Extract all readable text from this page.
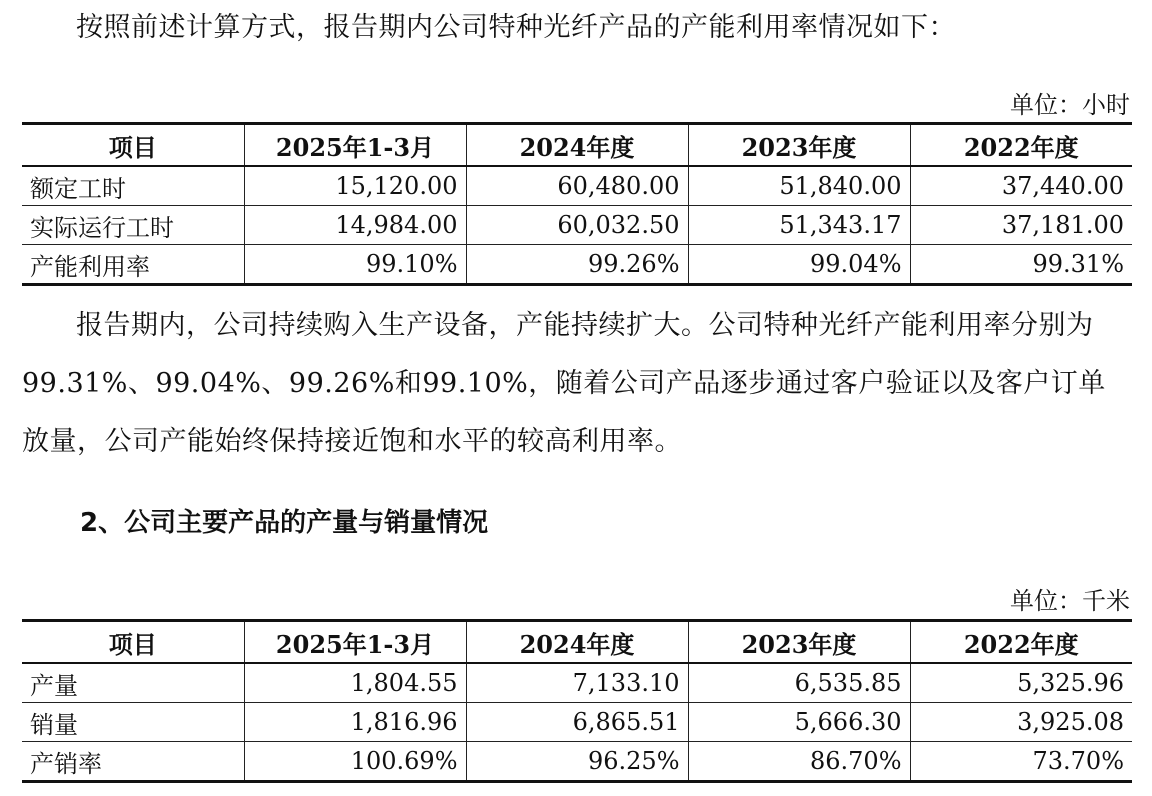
按照前述计算方式，报告期内公司特种光纤产品的产能利用率情况如下：

单位：小时

项目	2025年1-3月	2024年度	2023年度	2022年度
额定工时	15,120.00	60,480.00	51,840.00	37,440.00
实际运行工时	14,984.00	60,032.50	51,343.17	37,181.00
产能利用率	99.10%	99.26%	99.04%	99.31%

报告期内，公司持续购入生产设备，产能持续扩大。公司特种光纤产能利用率分别为99.31%、99.04%、99.26%和99.10%，随着公司产品逐步通过客户验证以及客户订单放量，公司产能始终保持接近饱和水平的较高利用率。

2、公司主要产品的产量与销量情况

单位：千米

项目	2025年1-3月	2024年度	2023年度	2022年度
产量	1,804.55	7,133.10	6,535.85	5,325.96
销量	1,816.96	6,865.51	5,666.30	3,925.08
产销率	100.69%	96.25%	86.70%	73.70%
